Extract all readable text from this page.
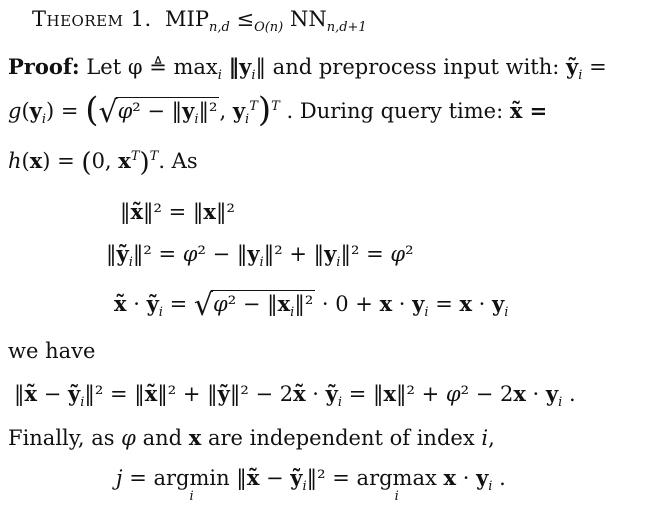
Theorem 1. $MIP_{n,d} \le_{O(n)}$ $NN_{n,d+1}$
Proof: Let φ ≜ $\max_i$ $‖y_i‖$ and preprocess input with: ỹ$_i$ =
$g(y_i) = (√\varphi^2$ − $‖y_i‖^2$, $y_i^T)^T$ . During query time: x̃ =
h(x) = (0, $x^T)^T$. As
‖x̃‖² = ‖x‖²
‖ỹ$_i$‖² = $\varphi^2 - ‖y_i‖^2$ + $‖y_i‖^2 = \varphi^2$
x̃ · ỹ$_i$ = $√\varphi^2 - ‖x_i‖^2 \cdot 0 + x \cdot y_i = x \cdot y_i$
we have
‖x̃ − ỹ$_i$‖² = ‖x̃‖² + ‖ỹ‖² − 2x̃ · ỹ$_i$ = ‖x‖² + $\varphi^2 - 2x \cdot y_i$ .
Finally, as φ and x are independent of index i,
j = argmin
i
‖x̃ − ỹ$_i$‖² = argmax
i
$x \cdot y_i$ .
